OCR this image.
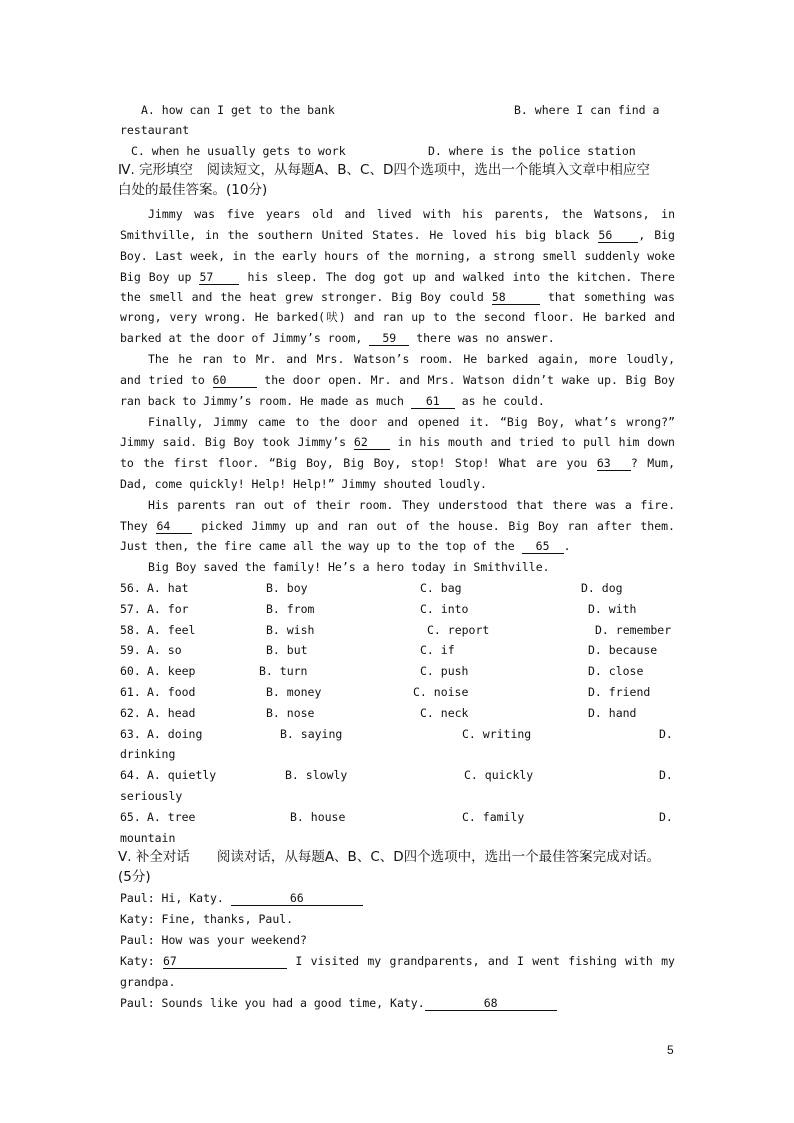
A. how can I get to the bank	B. where I can find a
restaurant
C. when he usually gets to work	D. where is the police station
Ⅳ. 完形填空　阅读短文，从每题A、B、C、D四个选项中，选出一个能填入文章中相应空
白处的最佳答案。(10分)
Jimmy was five years old and lived with his parents, the Watsons, in
Smithville, in the southern United States. He loved his big black 56 , Big
Boy. Last week, in the early hours of the morning, a strong smell suddenly woke
Big Boy up 57	his sleep. The dog got up and walked into the kitchen. There
the smell and the heat grew stronger. Big Boy could 58	that something was
wrong, very wrong. He barked(吠) and ran up to the second floor. He barked and
barked at the door of Jimmy’s room, 59 there was no answer.
The he ran to Mr. and Mrs. Watson’s room. He barked again, more loudly,
and tried to 60	the door open. Mr. and Mrs. Watson didn’t wake up. Big Boy
ran back to Jimmy’s room. He made as much 61 as he could.
Finally, Jimmy came to the door and opened it. “Big Boy, what’s wrong?”
Jimmy said. Big Boy took Jimmy’s 62	in his mouth and tried to pull him down
to the first floor. “Big Boy, Big Boy, stop! Stop! What are you 63 ? Mum,
Dad, come quickly! Help! Help!” Jimmy shouted loudly.
His parents ran out of their room. They understood that there was a fire.
They 64	picked Jimmy up and ran out of the house. Big Boy ran after them.
Just then, the fire came all the way up to the top of the 65 .
Big Boy saved the family! He’s a hero today in Smithville.
56. A. hat	B. boy	C. bag	D. dog
57. A. for	B. from	C. into	D. with
58. A. feel	B. wish	C. report	D. remember
59. A. so	B. but	C. if	D. because
60. A. keep	B. turn	C. push	D. close
61. A. food	B. money	C. noise	D. friend
62. A. head	B. nose	C. neck	D. hand
63. A. doing	B. saying	C. writing	D.
drinking
64. A. quietly	B. slowly	C. quickly	D.
seriously
65. A. tree	B. house	C. family	D.
mountain
Ⅴ. 补全对话　　阅读对话，从每题A、B、C、D四个选项中，选出一个最佳答案完成对话。
(5分)
Paul: Hi, Katy.	66
Katy: Fine, thanks, Paul.
Paul: How was your weekend?
Katy: 67	I visited my grandparents, and I went fishing with my
grandpa.
Paul: Sounds like you had a good time, Katy.	68
5
